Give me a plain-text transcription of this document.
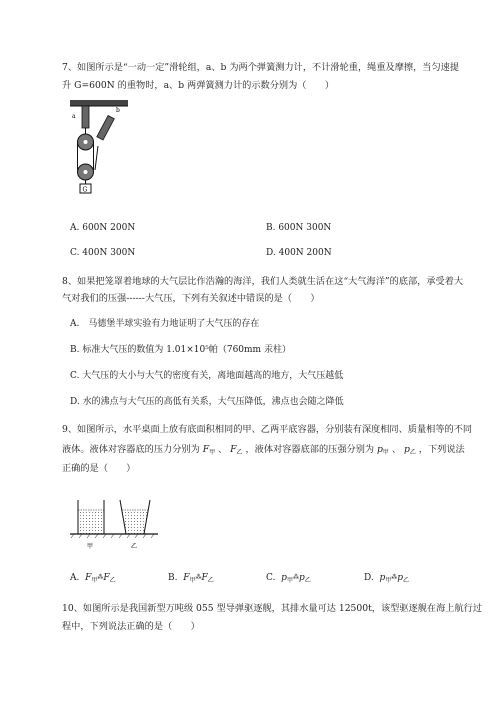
7、如图所示是“一动一定”滑轮组，a、b 为两个弹簧测力计，不计滑轮重，绳重及摩擦，当匀速提
升 G=600N 的重物时，a、b 两弹簧测力计的示数分别为（　　）
G
b
a
A. 600N 200N	B. 600N 300N
C. 400N 300N	D. 400N 200N
8、如果把笼罩着地球的大气层比作浩瀚的海洋，我们人类就生活在这“大气海洋”的底部，承受着大
气对我们的压强------大气压，下列有关叙述中错误的是（　　）
A.　马德堡半球实验有力地证明了大气压的存在
B. 标准大气压的数值为 1.01×10⁵帕（760mm 汞柱）
C. 大气压的大小与大气的密度有关，离地面越高的地方，大气压越低
D. 水的沸点与大气压的高低有关系，大气压降低，沸点也会随之降低
9、如图所示，水平桌面上放有底面积相同的甲、乙两平底容器，分别装有深度相同、质量相等的不同
液体。液体对容器底的压力分别为 $F_甲$ 、 $F_乙$ ，液体对容器底部的压强分别为 $p_甲$ 、 $p_乙$ ，下列说法
正确的是（　　）
甲	乙
A. $F_甲⁂F_乙$	B. $F_甲⁂F_乙$	C. $p_甲⁂p_乙$	D. $p_甲⁂p_乙$
10、如图所示是我国新型万吨级 055 型导弹驱逐舰，其排水量可达 12500t，该型驱逐舰在海上航行过
程中，下列说法正确的是（　　）
